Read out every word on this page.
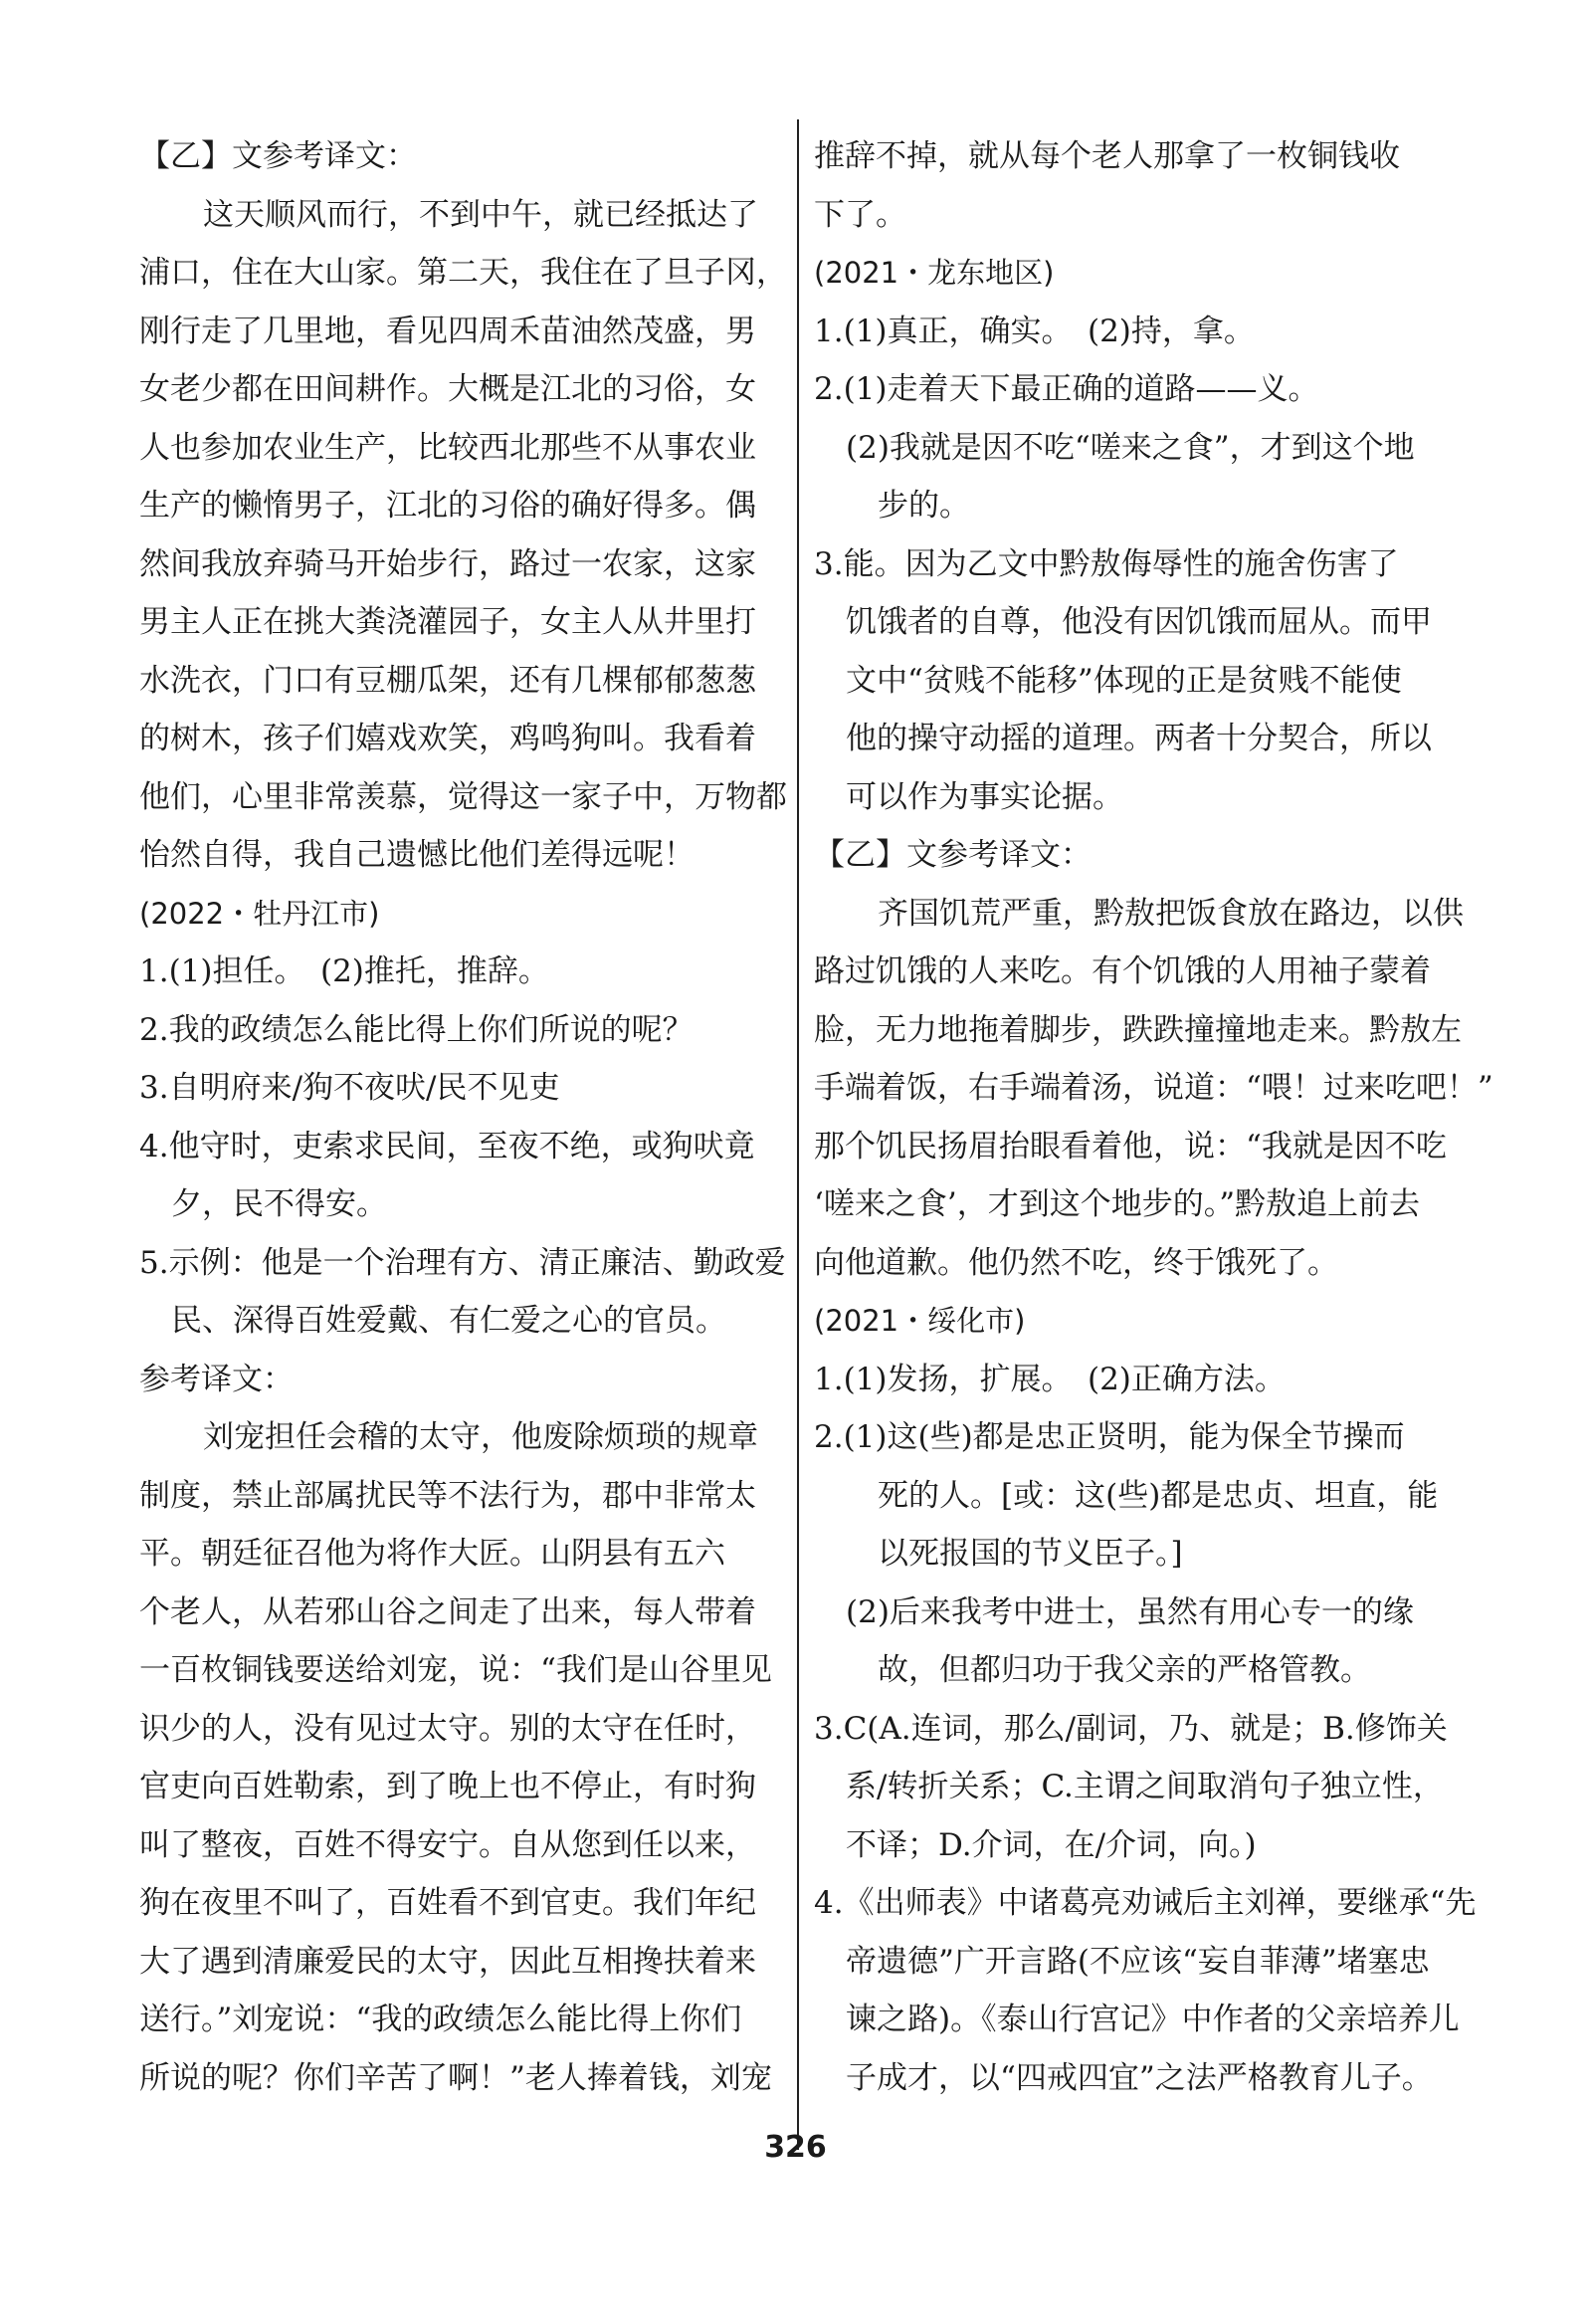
【乙】文参考译文：
这天顺风而行，不到中午，就已经抵达了
浦口，住在大山家。第二天，我住在了旦子冈，
刚行走了几里地，看见四周禾苗油然茂盛，男
女老少都在田间耕作。大概是江北的习俗，女
人也参加农业生产，比较西北那些不从事农业
生产的懒惰男子，江北的习俗的确好得多。偶
然间我放弃骑马开始步行，路过一农家，这家
男主人正在挑大粪浇灌园子，女主人从井里打
水洗衣，门口有豆棚瓜架，还有几棵郁郁葱葱
的树木，孩子们嬉戏欢笑，鸡鸣狗叫。我看着
他们，心里非常羡慕，觉得这一家子中，万物都
怡然自得，我自己遗憾比他们差得远呢！
(2022・牡丹江市)
1.(1)担任。　(2)推托，推辞。
2.我的政绩怎么能比得上你们所说的呢？
3.自明府来/狗不夜吠/民不见吏
4.他守时，吏索求民间，至夜不绝，或狗吠竟
夕，民不得安。
5.示例：他是一个治理有方、清正廉洁、勤政爱
民、深得百姓爱戴、有仁爱之心的官员。
参考译文：
刘宠担任会稽的太守，他废除烦琐的规章
制度，禁止部属扰民等不法行为，郡中非常太
平。朝廷征召他为将作大匠。山阴县有五六
个老人，从若邪山谷之间走了出来，每人带着
一百枚铜钱要送给刘宠，说：“我们是山谷里见
识少的人，没有见过太守。别的太守在任时，
官吏向百姓勒索，到了晚上也不停止，有时狗
叫了整夜，百姓不得安宁。自从您到任以来，
狗在夜里不叫了，百姓看不到官吏。我们年纪
大了遇到清廉爱民的太守，因此互相搀扶着来
送行。”刘宠说：“我的政绩怎么能比得上你们
所说的呢？你们辛苦了啊！”老人捧着钱，刘宠
推辞不掉，就从每个老人那拿了一枚铜钱收
下了。
(2021・龙东地区)
1.(1)真正，确实。　(2)持，拿。
2.(1)走着天下最正确的道路——义。
(2)我就是因不吃“嗟来之食”，才到这个地
步的。
3.能。因为乙文中黔敖侮辱性的施舍伤害了
饥饿者的自尊，他没有因饥饿而屈从。而甲
文中“贫贱不能移”体现的正是贫贱不能使
他的操守动摇的道理。两者十分契合，所以
可以作为事实论据。
【乙】文参考译文：
齐国饥荒严重，黔敖把饭食放在路边，以供
路过饥饿的人来吃。有个饥饿的人用袖子蒙着
脸，无力地拖着脚步，跌跌撞撞地走来。黔敖左
手端着饭，右手端着汤，说道：“喂！过来吃吧！”
那个饥民扬眉抬眼看着他，说：“我就是因不吃
‘嗟来之食’，才到这个地步的。”黔敖追上前去
向他道歉。他仍然不吃，终于饿死了。
(2021・绥化市)
1.(1)发扬，扩展。　(2)正确方法。
2.(1)这(些)都是忠正贤明，能为保全节操而
死的人。[或：这(些)都是忠贞、坦直，能
以死报国的节义臣子。]
(2)后来我考中进士，虽然有用心专一的缘
故，但都归功于我父亲的严格管教。
3.C(A.连词，那么/副词，乃、就是；B.修饰关
系/转折关系；C.主谓之间取消句子独立性，
不译；D.介词，在/介词，向。)
4.《出师表》中诸葛亮劝诫后主刘禅，要继承“先
帝遗德”广开言路(不应该“妄自菲薄”堵塞忠
谏之路)。《泰山行宫记》中作者的父亲培养儿
子成才，以“四戒四宜”之法严格教育儿子。
326
